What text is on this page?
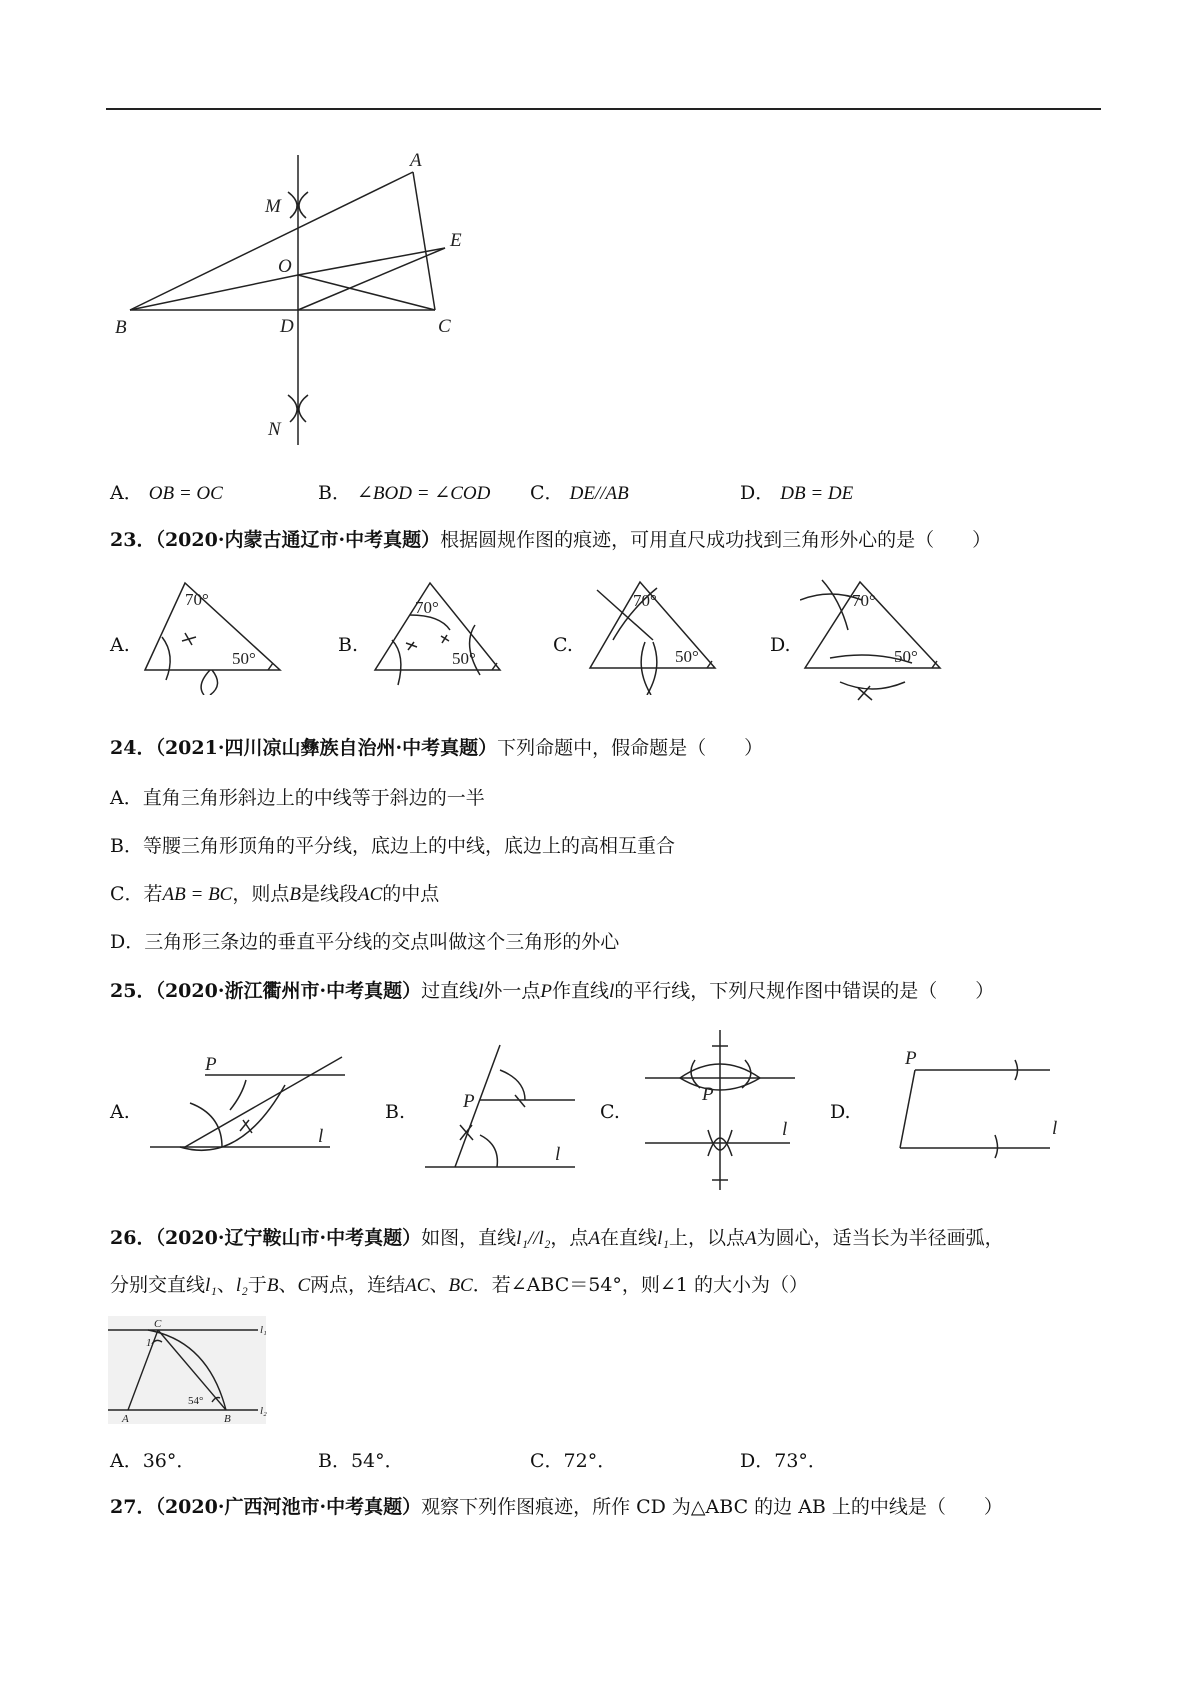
A
M
E
O
B	D	C
N
A． OB = OC	B． ∠BOD = ∠COD C． DE//AB	D． DB = DE
23．（2020·内蒙古通辽市·中考真题）根据圆规作图的痕迹，可用直尺成功找到三角形外心的是（　　）
A.	B.	C.	D.
70°
50°
70°
50°
70°
50°
70°
50°
24．（2021·四川凉山彝族自治州·中考真题）下列命题中，假命题是（　　）
A．直角三角形斜边上的中线等于斜边的一半
B．等腰三角形顶角的平分线，底边上的中线，底边上的高相互重合
C．若AB = BC，则点B是线段AC的中点
D．三角形三条边的垂直平分线的交点叫做这个三角形的外心
25．（2020·浙江衢州市·中考真题）过直线l外一点P作直线l的平行线，下列尺规作图中错误的是（　　）
A.	B.	C.	D.
P
l
P
l
P
l
P
l
26．（2020·辽宁鞍山市·中考真题）如图，直线l₁//l₂，点A在直线l₁上，以点A为圆心，适当长为半径画弧，
分别交直线l₁、l₂于B、C两点，连结AC、BC．若∠ABC＝54°，则∠1 的大小为（）
C
1
A	B
l₁
l₂
54°
A．36°．	B．54°．	C．72°．	D．73°．
27．（2020·广西河池市·中考真题）观察下列作图痕迹，所作 CD 为△ABC 的边 AB 上的中线是（　　）
